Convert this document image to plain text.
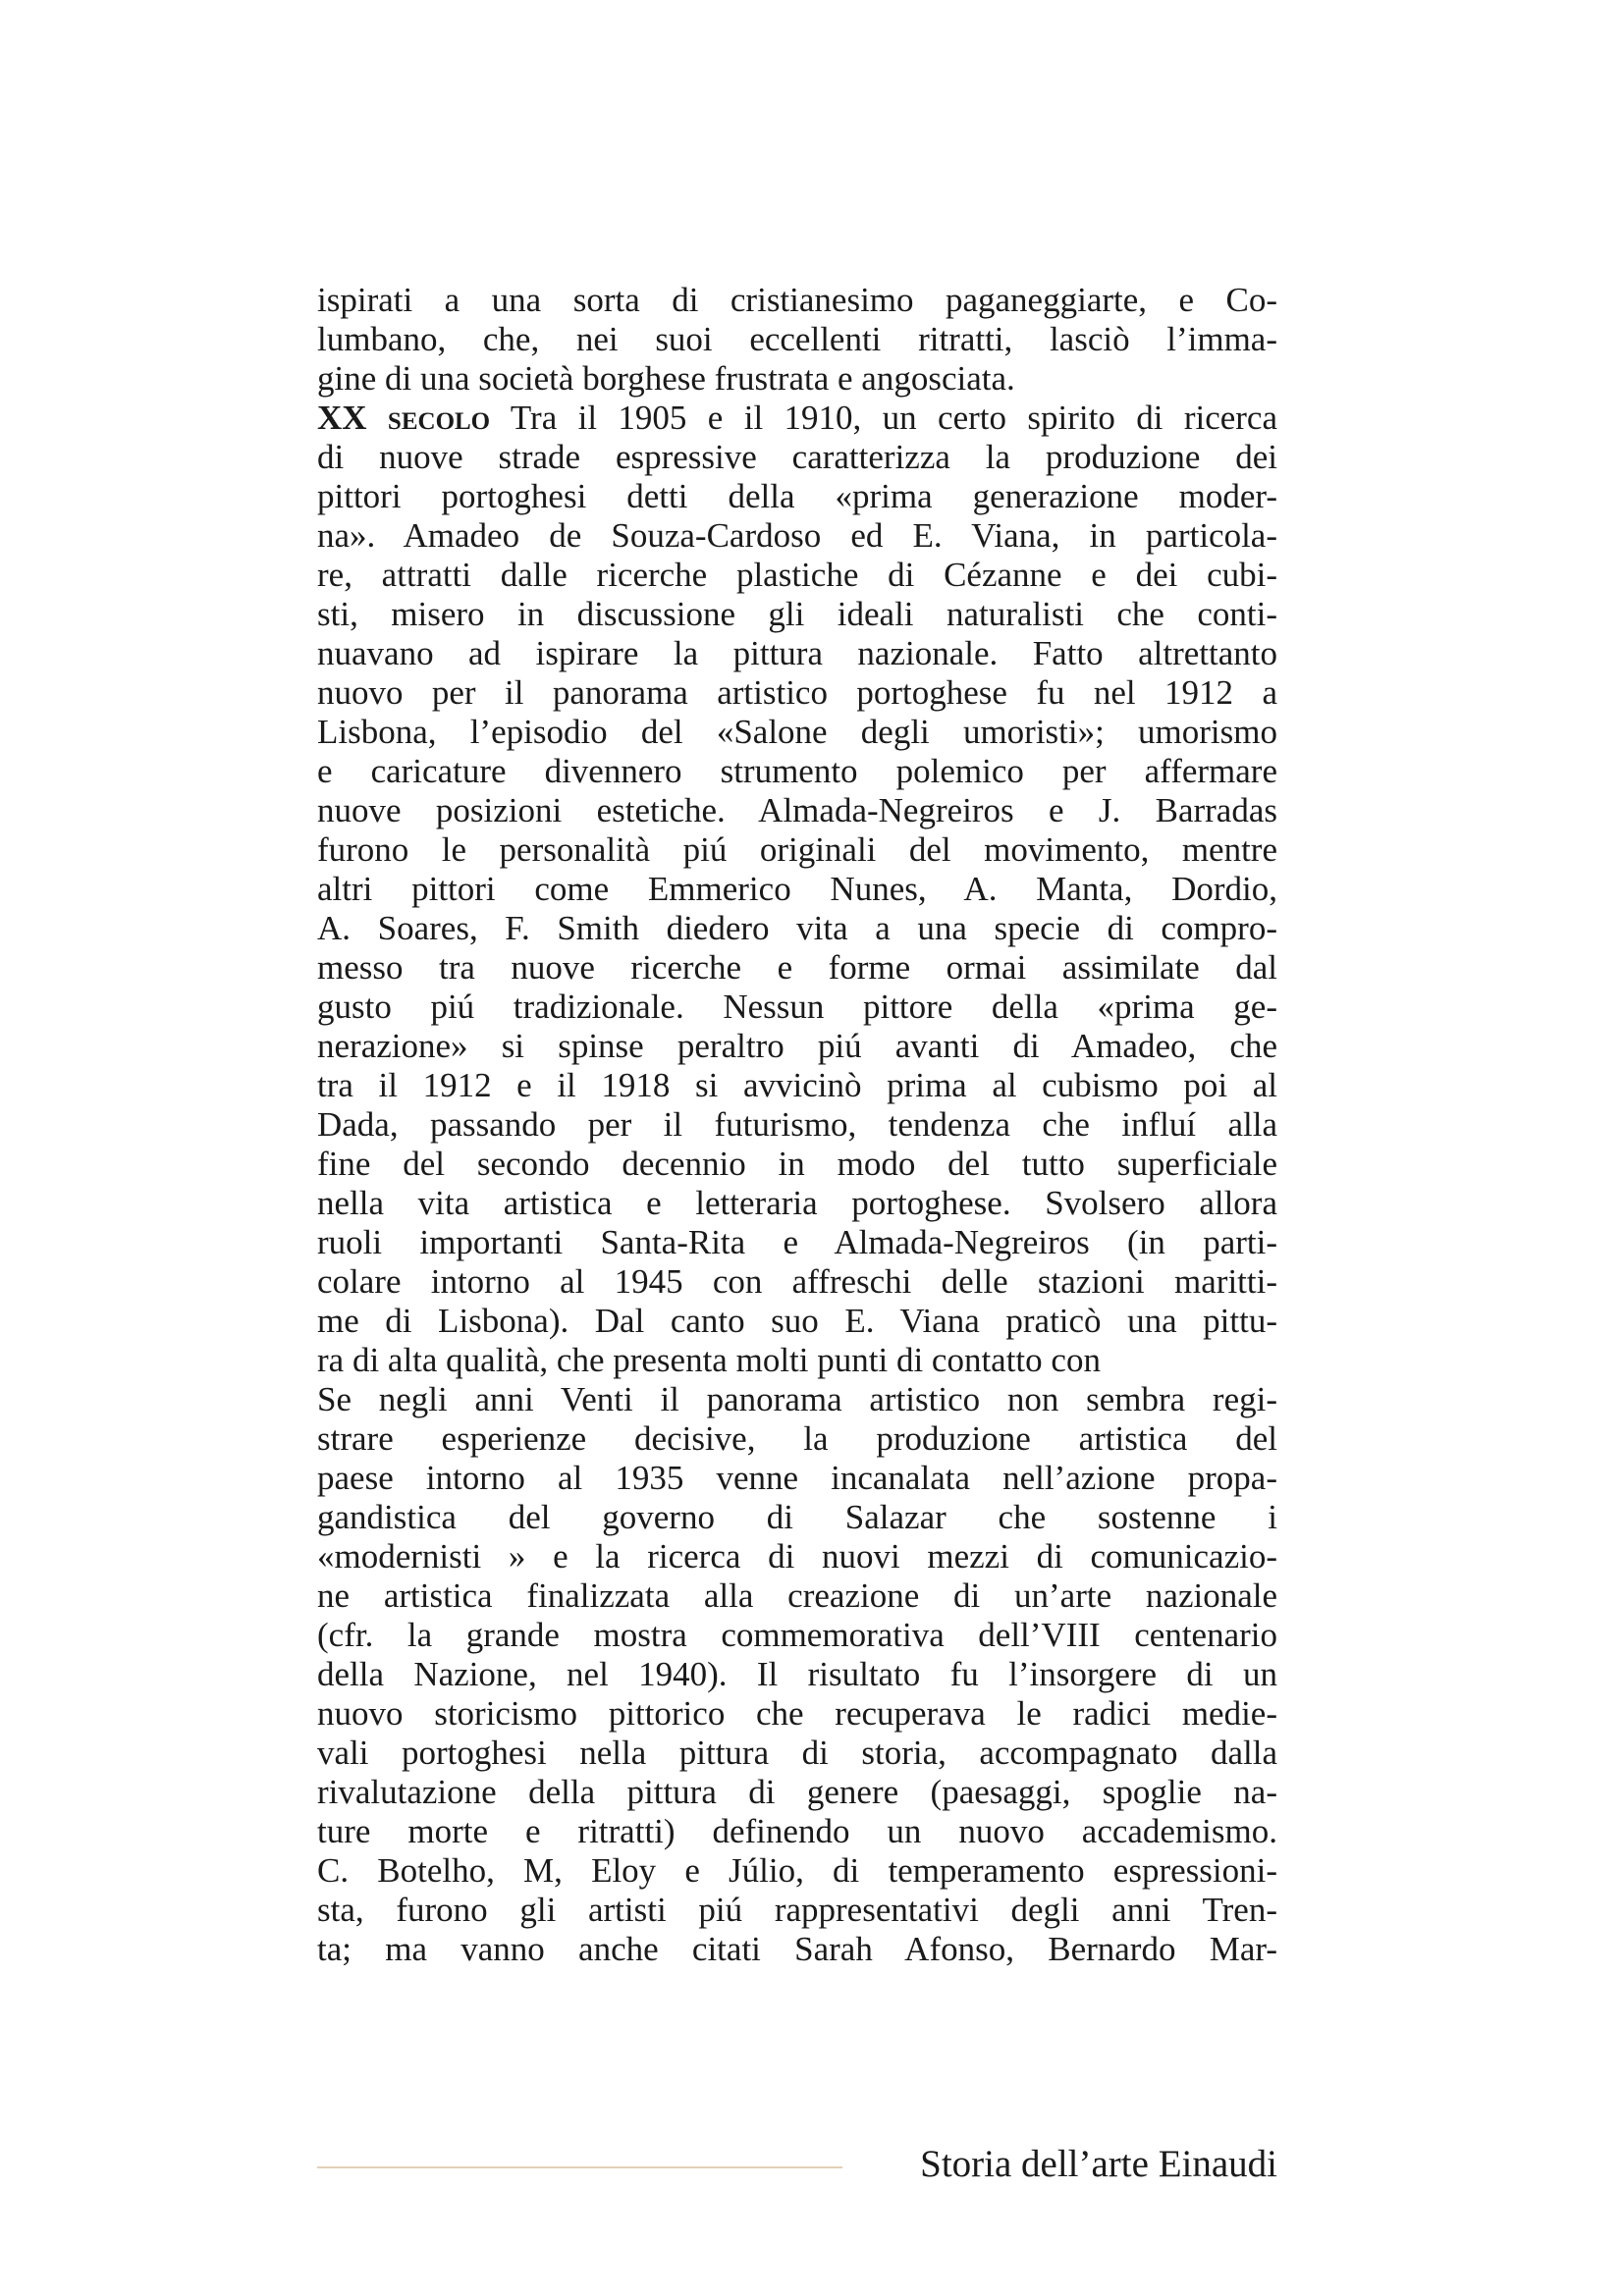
ispirati a una sorta di cristianesimo paganeggiarte, e Co-
lumbano, che, nei suoi eccellenti ritratti, lasciò l’imma-
gine di una società borghese frustrata e angosciata.
XX secolo Tra il 1905 e il 1910, un certo spirito di ricerca
di nuove strade espressive caratterizza la produzione dei
pittori portoghesi detti della «prima generazione moder-
na». Amadeo de Souza-Cardoso ed E. Viana, in particola-
re, attratti dalle ricerche plastiche di Cézanne e dei cubi-
sti, misero in discussione gli ideali naturalisti che conti-
nuavano ad ispirare la pittura nazionale. Fatto altrettanto
nuovo per il panorama artistico portoghese fu nel 1912 a
Lisbona, l’episodio del «Salone degli umoristi»; umorismo
e caricature divennero strumento polemico per affermare
nuove posizioni estetiche. Almada-Negreiros e J. Barradas
furono le personalità piú originali del movimento, mentre
altri pittori come Emmerico Nunes, A. Manta, Dordio,
A. Soares, F. Smith diedero vita a una specie di compro-
messo tra nuove ricerche e forme ormai assimilate dal
gusto piú tradizionale. Nessun pittore della «prima ge-
nerazione» si spinse peraltro piú avanti di Amadeo, che
tra il 1912 e il 1918 si avvicinò prima al cubismo poi al
Dada, passando per il futurismo, tendenza che influí alla
fine del secondo decennio in modo del tutto superficiale
nella vita artistica e letteraria portoghese. Svolsero allora
ruoli importanti Santa-Rita e Almada-Negreiros (in parti-
colare intorno al 1945 con affreschi delle stazioni maritti-
me di Lisbona). Dal canto suo E. Viana praticò una pittu-
ra di alta qualità, che presenta molti punti di contatto con
Se negli anni Venti il panorama artistico non sembra regi-
strare esperienze decisive, la produzione artistica del
paese intorno al 1935 venne incanalata nell’azione propa-
gandistica del governo di Salazar che sostenne i
«modernisti » e la ricerca di nuovi mezzi di comunicazio-
ne artistica finalizzata alla creazione di un’arte nazionale
(cfr. la grande mostra commemorativa dell’VIII centenario
della Nazione, nel 1940). Il risultato fu l’insorgere di un
nuovo storicismo pittorico che recuperava le radici medie-
vali portoghesi nella pittura di storia, accompagnato dalla
rivalutazione della pittura di genere (paesaggi, spoglie na-
ture morte e ritratti) definendo un nuovo accademismo.
C. Botelho, M, Eloy e Júlio, di temperamento espressioni-
sta, furono gli artisti piú rappresentativi degli anni Tren-
ta; ma vanno anche citati Sarah Afonso, Bernardo Mar-
Storia dell’arte Einaudi
